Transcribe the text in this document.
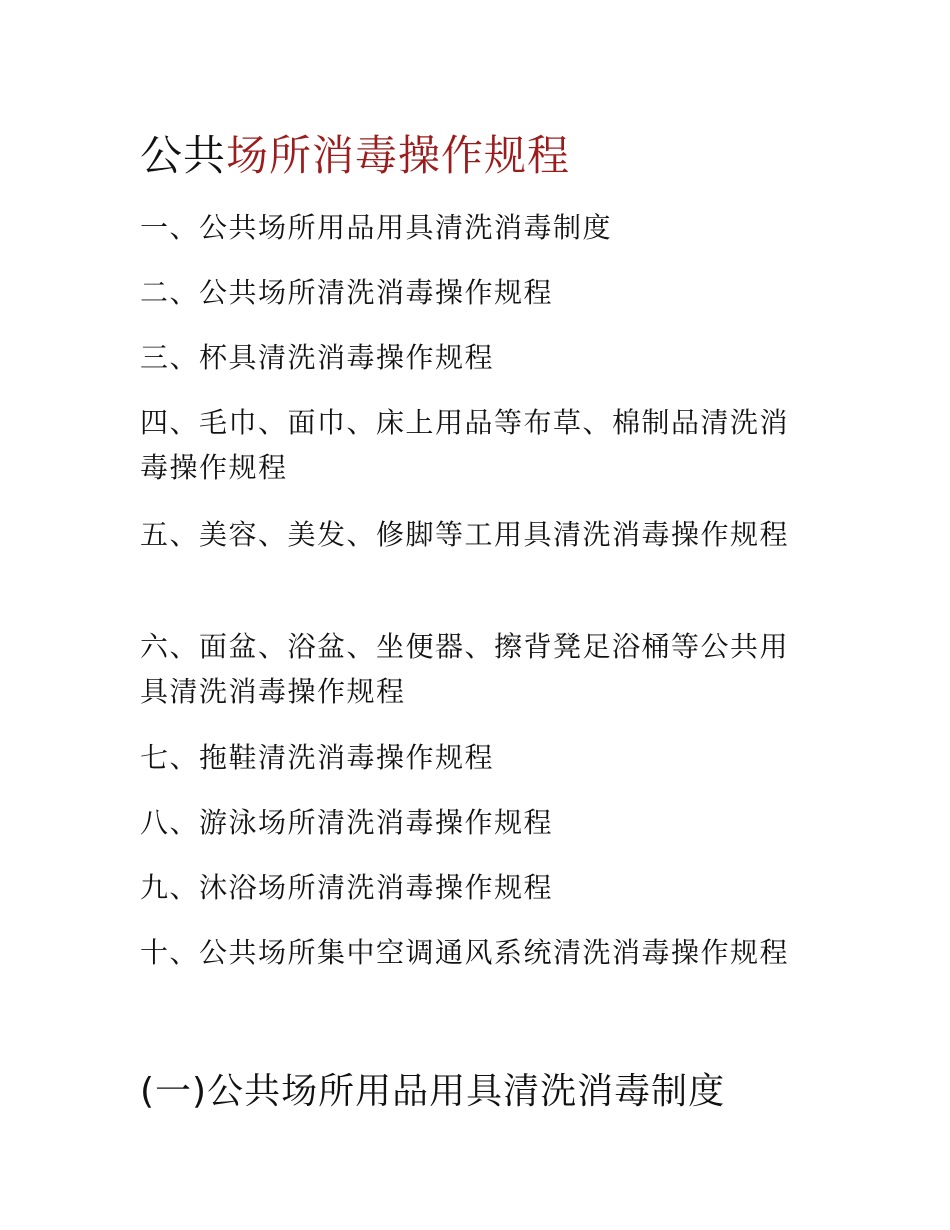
公共场所消毒操作规程
一、公共场所用品用具清洗消毒制度
二、公共场所清洗消毒操作规程
三、杯具清洗消毒操作规程
四、毛巾、面巾、床上用品等布草、棉制品清洗消毒操作规程
五、美容、美发、修脚等工用具清洗消毒操作规程
六、面盆、浴盆、坐便器、擦背凳足浴桶等公共用具清洗消毒操作规程
七、拖鞋清洗消毒操作规程
八、游泳场所清洗消毒操作规程
九、沐浴场所清洗消毒操作规程
十、公共场所集中空调通风系统清洗消毒操作规程
(一)公共场所用品用具清洗消毒制度
